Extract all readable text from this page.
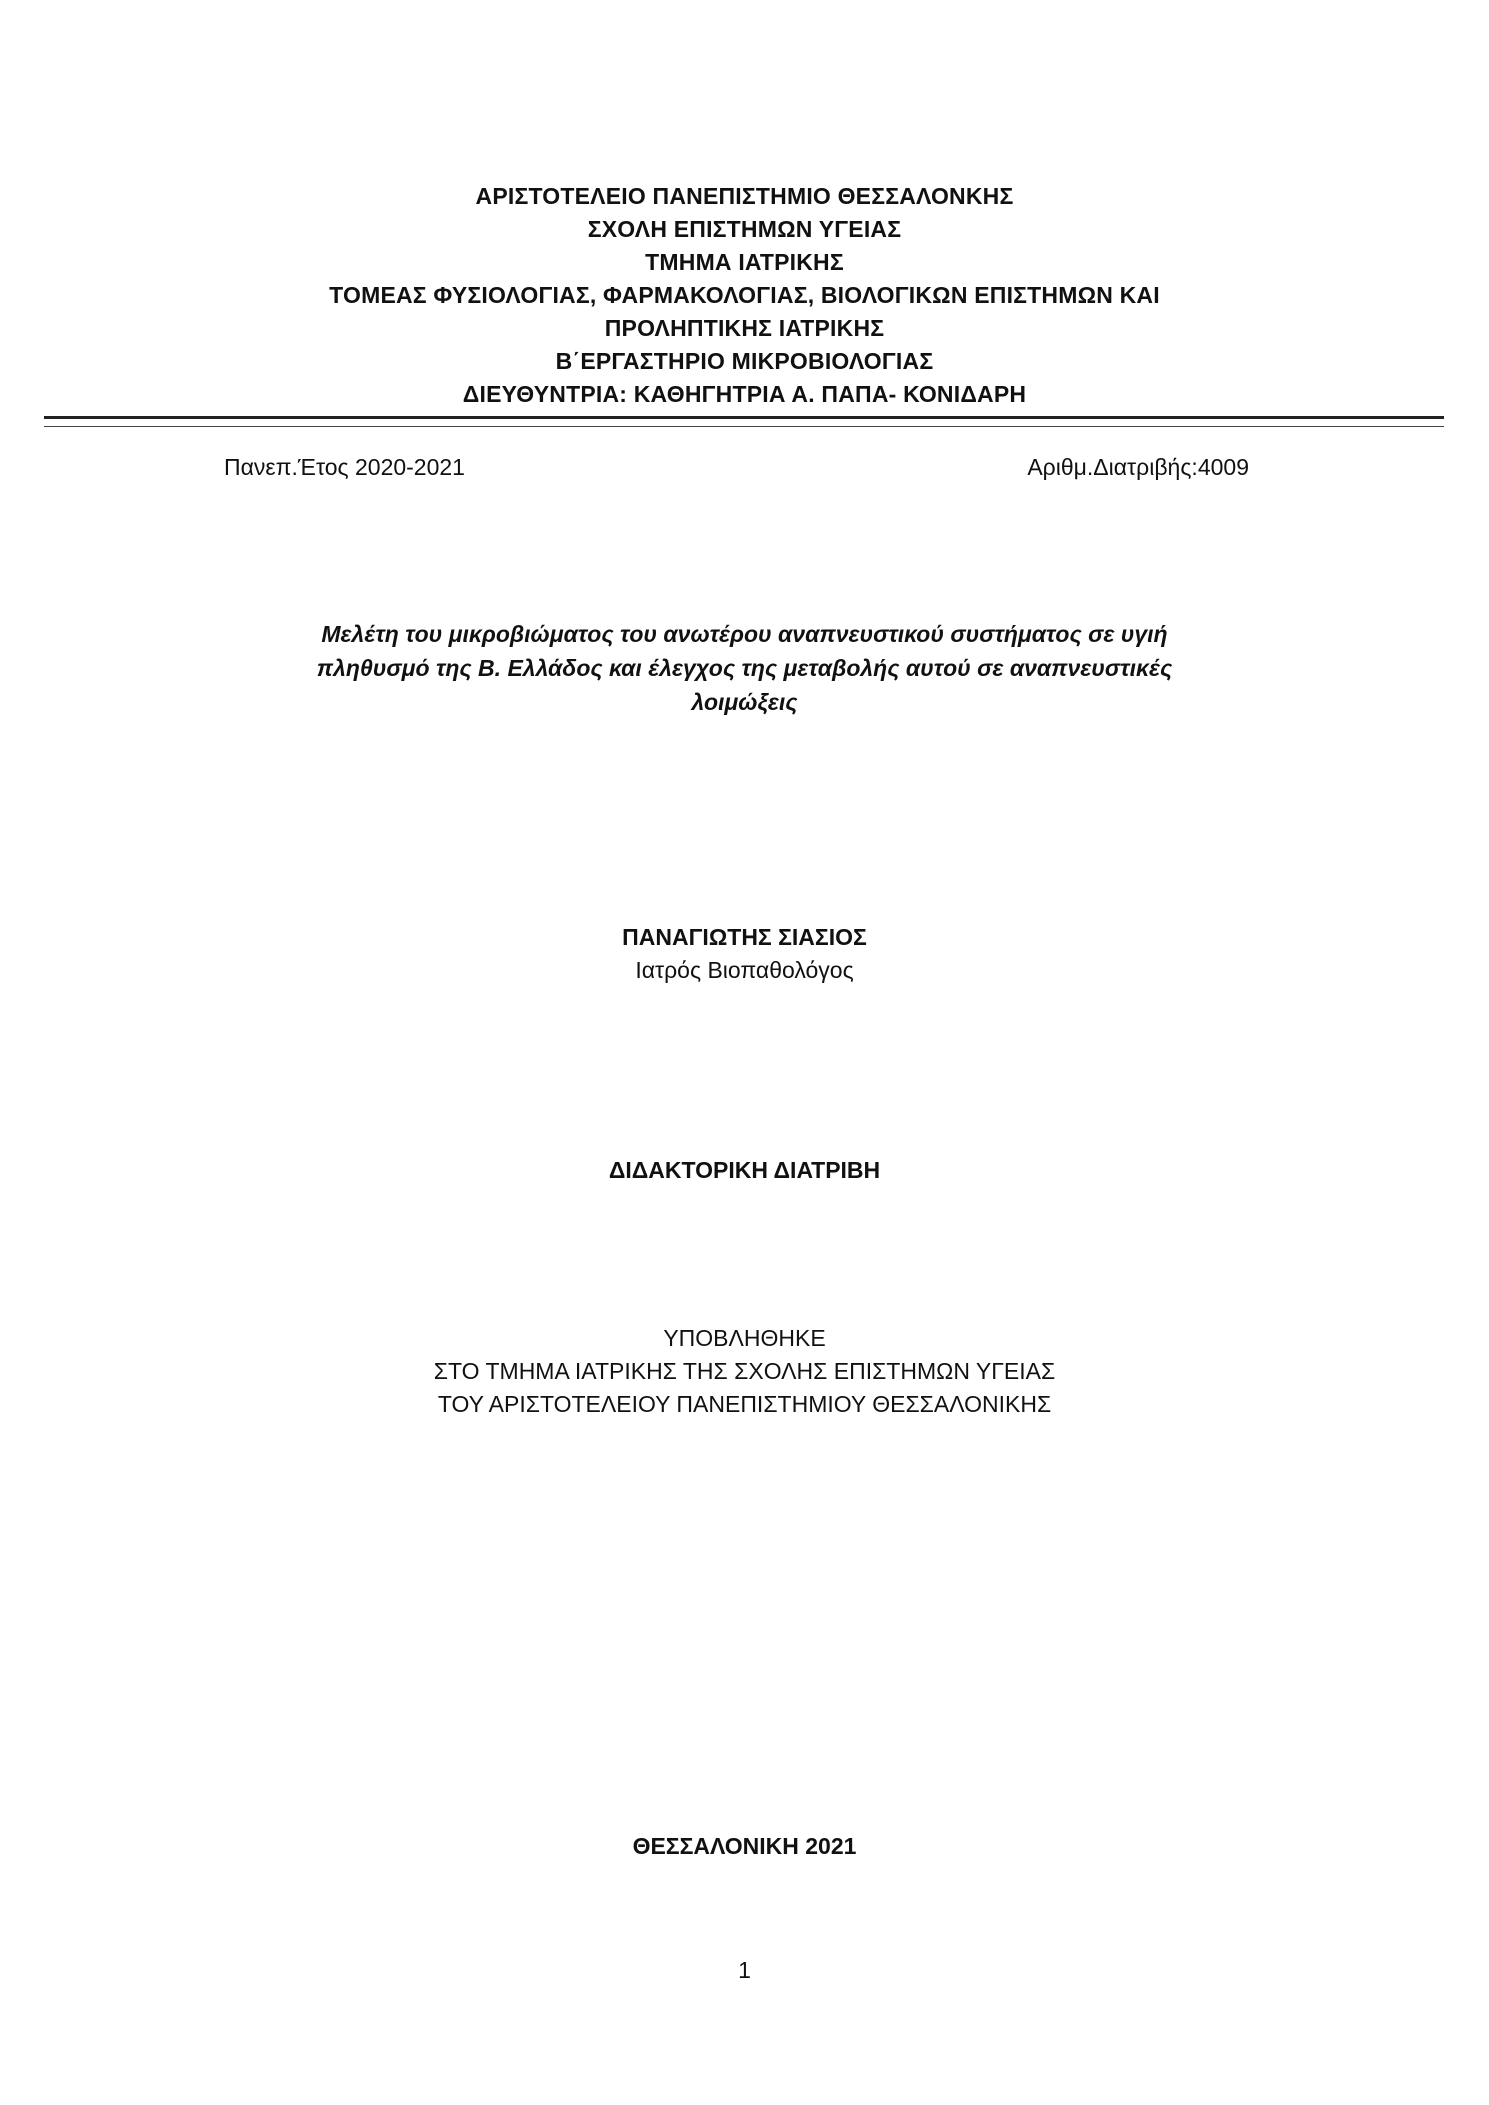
ΑΡΙΣΤΟΤΕΛΕΙΟ ΠΑΝΕΠΙΣΤΗΜΙΟ ΘΕΣΣΑΛΟΝΚΗΣ

ΣΧΟΛΗ ΕΠΙΣΤΗΜΩΝ ΥΓΕΙΑΣ

ΤΜΗΜΑ ΙΑΤΡΙΚΗΣ

ΤΟΜΕΑΣ ΦΥΣΙΟΛΟΓΙΑΣ, ΦΑΡΜΑΚΟΛΟΓΙΑΣ, ΒΙΟΛΟΓΙΚΩΝ ΕΠΙΣΤΗΜΩΝ ΚΑΙ

ΠΡΟΛΗΠΤΙΚΗΣ ΙΑΤΡΙΚΗΣ

Β΄ΕΡΓΑΣΤΗΡΙΟ ΜΙΚΡΟΒΙΟΛΟΓΙΑΣ

ΔΙΕΥΘΥΝΤΡΙΑ: ΚΑΘΗΓΗΤΡΙΑ Α. ΠΑΠΑ- ΚΟΝΙΔΑΡΗ

Πανεπ.Έτος 2020-2021	Αριθμ.Διατριβής:4009

Μελέτη του μικροβιώματος του ανωτέρου αναπνευστικού συστήματος σε υγιή

πληθυσμό της Β. Ελλάδος και έλεγχος της μεταβολής αυτού σε αναπνευστικές

λοιμώξεις

ΠΑΝΑΓΙΩΤΗΣ ΣΙΑΣΙΟΣ

Ιατρός Βιοπαθολόγος

ΔΙΔΑΚΤΟΡΙΚΗ ΔΙΑΤΡΙΒΗ

ΥΠΟΒΛΗΘΗΚΕ

ΣΤΟ ΤΜΗΜΑ ΙΑΤΡΙΚΗΣ ΤΗΣ ΣΧΟΛΗΣ ΕΠΙΣΤΗΜΩΝ ΥΓΕΙΑΣ

ΤΟΥ ΑΡΙΣΤΟΤΕΛΕΙΟΥ ΠΑΝΕΠΙΣΤΗΜΙΟΥ ΘΕΣΣΑΛΟΝΙΚΗΣ

ΘΕΣΣΑΛΟΝΙΚΗ 2021
1
